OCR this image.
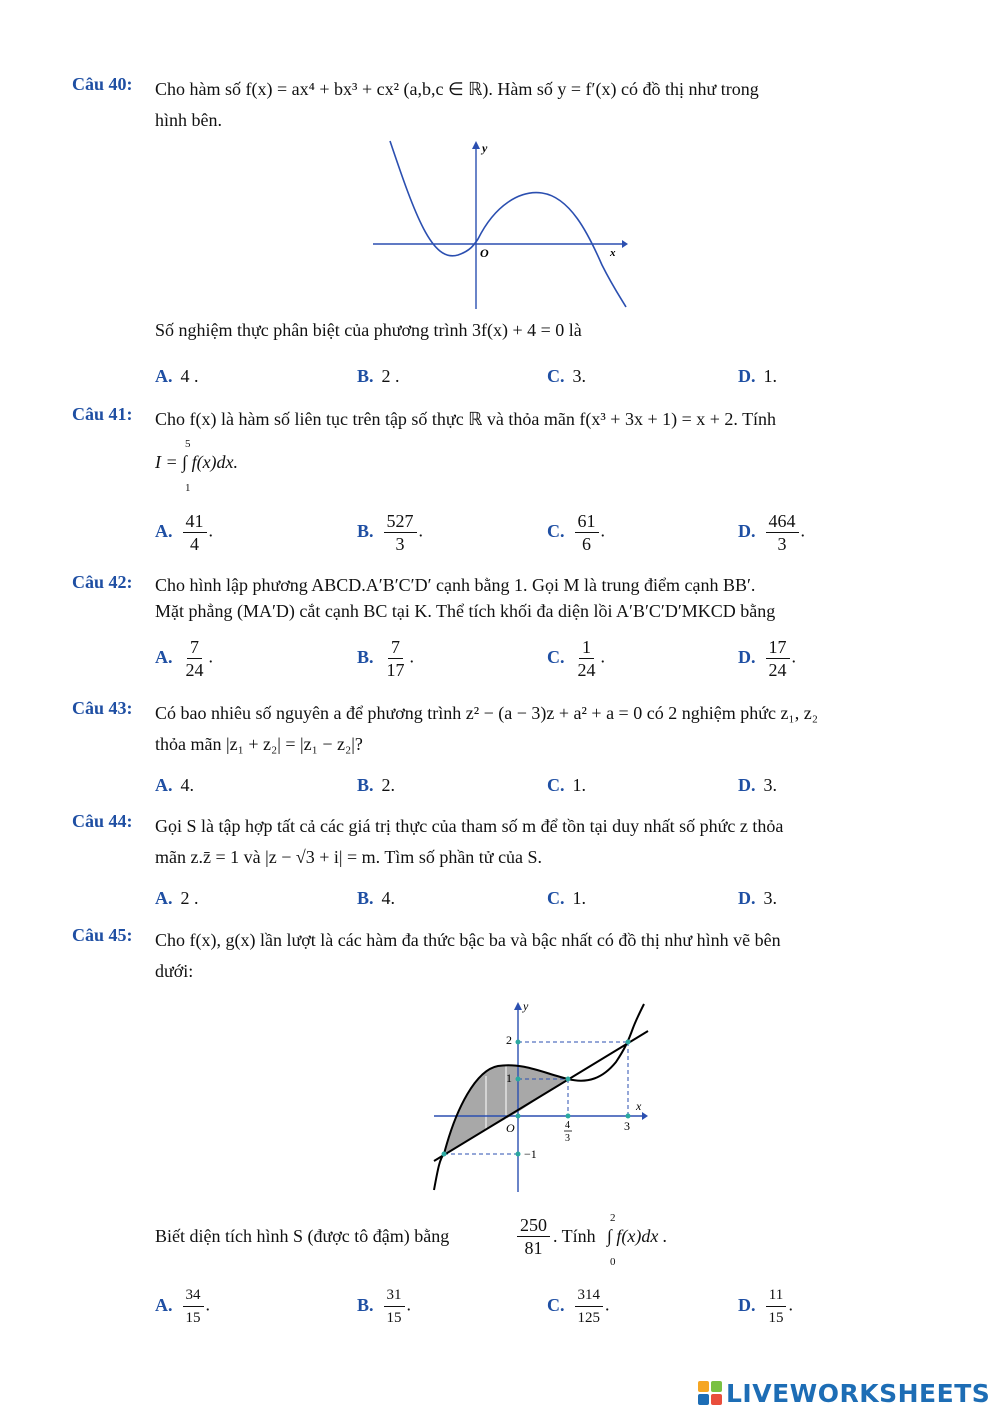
Câu 40: Cho hàm số f(x) = ax⁴ + bx³ + cx² (a,b,c ∈ ℝ). Hàm số y = f′(x) có đồ thị như trong
hình bên.
y
O	x
Số nghiệm thực phân biệt của phương trình 3f(x) + 4 = 0 là
A. 4 .	B. 2 .	C. 3.	D. 1.
Câu 41: Cho f(x) là hàm số liên tục trên tập số thực ℝ và thỏa mãn f(x³ + 3x + 1) = x + 2. Tính
5
I = ∫ f(x)dx.
1
A. $\frac{41}{4}$ .	B. $\frac{527}{3}$ .	C. $\frac{61}{6}$ .	D. $\frac{464}{3}$ .
Câu 42: Cho hình lập phương ABCD.A′B′C′D′ cạnh bằng 1. Gọi M là trung điểm cạnh BB′.
Mặt phẳng (MA′D) cắt cạnh BC tại K. Thể tích khối đa diện lồi A′B′C′D′MKCD bằng
A. $\frac{7}{24}$ .	B. $\frac{7}{17}$ .	C. $\frac{1}{24}$ .	D. $\frac{17}{24}$ .
Câu 43: Có bao nhiêu số nguyên a để phương trình z² − (a − 3)z + a² + a = 0 có 2 nghiệm phức z₁, z₂
thỏa mãn |z₁ + z₂| = |z₁ − z₂|?
A. 4.	B. 2.	C. 1.	D. 3.
Câu 44: Gọi S là tập hợp tất cả các giá trị thực của tham số m để tồn tại duy nhất số phức z thỏa
mãn z.z̄ = 1 và |z − √3 + i| = m. Tìm số phần tử của S.
A. 2 .	B. 4.	C. 1.	D. 3.
Câu 45: Cho f(x), g(x) lần lượt là các hàm đa thức bậc ba và bậc nhất có đồ thị như hình vẽ bên
dưới:
y
x
2
1
O
−1
4
3
3
Biết diện tích hình S (được tô đậm) bằng	$\frac{250}{81}$ . Tính
2
∫ f(x)dx .
0
A. $\frac{34}{15}$ .	B. $\frac{31}{15}$ .	C. $\frac{314}{125}$ .	D. $\frac{11}{15}$ .
LIVEWORKSHEETS
